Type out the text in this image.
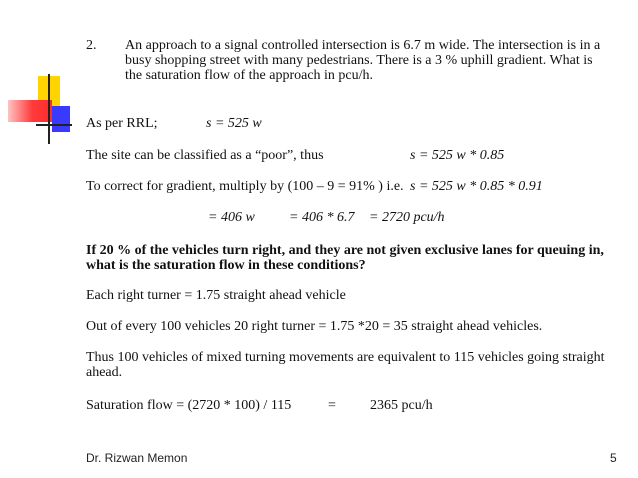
2. An approach to a signal controlled intersection is 6.7 m wide. The intersection is in a
busy shopping street with many pedestrians. There is a 3 % uphill gradient. What is
the saturation flow of the approach in pcu/h.
As per RRL;	s = 525 w
The site can be classified as a “poor”, thus	s = 525 w * 0.85
To correct for gradient, multiply by (100 – 9 = 91% ) i.e. s = 525 w * 0.85 * 0.91
= 406 w = 406 * 6.7 = 2720 pcu/h
If 20 % of the vehicles turn right, and they are not given exclusive lanes for queuing in,
what is the saturation flow in these conditions?
Each right turner = 1.75 straight ahead vehicle
Out of every 100 vehicles 20 right turner = 1.75 *20 = 35 straight ahead vehicles.
Thus 100 vehicles of mixed turning movements are equivalent to 115 vehicles going straight
ahead.
Saturation flow = (2720 * 100) / 115	= 2365 pcu/h
Dr. Rizwan Memon	5
